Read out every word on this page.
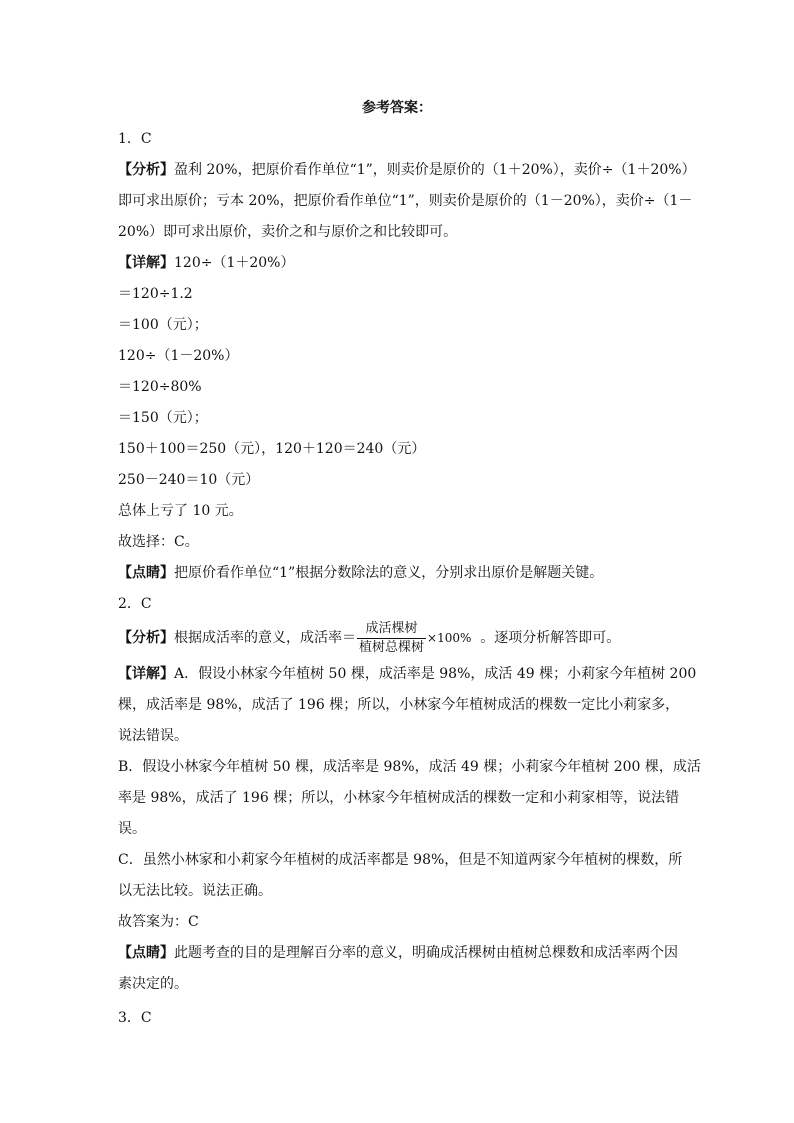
参考答案：
1．C
【分析】盈利 20%，把原价看作单位“1”，则卖价是原价的（1＋20%），卖价÷（1＋20%）
即可求出原价；亏本 20%，把原价看作单位“1”，则卖价是原价的（1－20%），卖价÷（1－
20%）即可求出原价，卖价之和与原价之和比较即可。
【详解】120÷（1＋20%）
＝120÷1.2
＝100（元）；
120÷（1－20%）
＝120÷80%
＝150（元）；
150＋100＝250（元），120＋120＝240（元）
250－240＝10（元）
总体上亏了 10 元。
故选择：C。
【点睛】把原价看作单位“1”根据分数除法的意义，分别求出原价是解题关键。
2．C
【分析】根据成活率的意义，成活率＝ $\frac{\text{成活棵树}}{\text{植树总棵树}} \times 100\%$ 。逐项分析解答即可。
【详解】A．假设小林家今年植树 50 棵，成活率是 98%，成活 49 棵；小莉家今年植树 200
棵，成活率是 98%，成活了 196 棵；所以，小林家今年植树成活的棵数一定比小莉家多，
说法错误。
B．假设小林家今年植树 50 棵，成活率是 98%，成活 49 棵；小莉家今年植树 200 棵，成活
率是 98%，成活了 196 棵；所以，小林家今年植树成活的棵数一定和小莉家相等，说法错
误。
C．虽然小林家和小莉家今年植树的成活率都是 98%，但是不知道两家今年植树的棵数，所
以无法比较。说法正确。
故答案为：C
【点睛】此题考查的目的是理解百分率的意义，明确成活棵树由植树总棵数和成活率两个因
素决定的。
3．C
